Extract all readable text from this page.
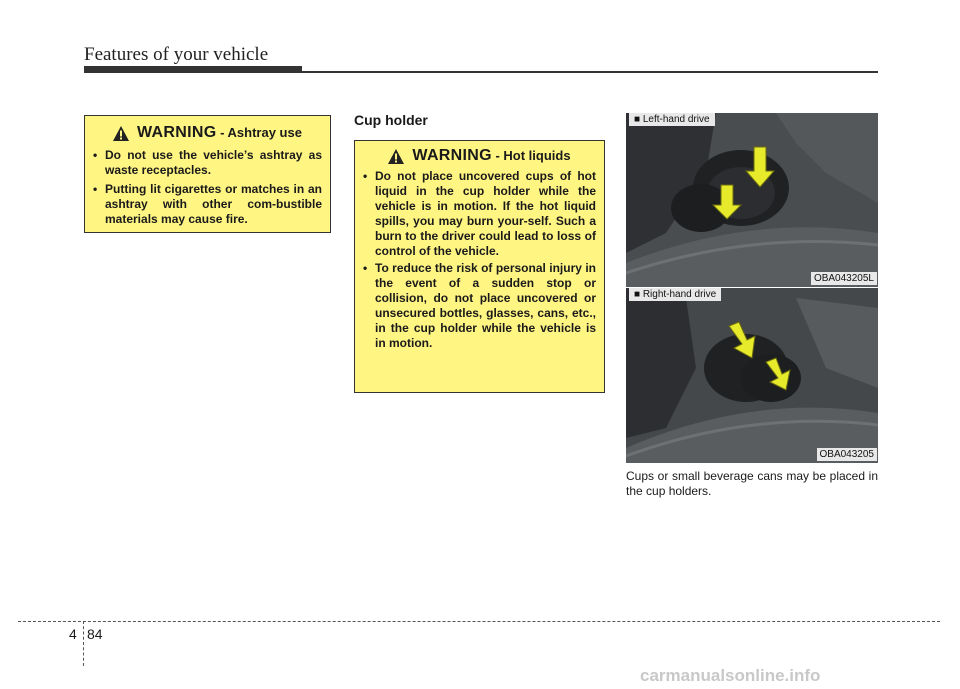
Features of your vehicle
WARNING - Ashtray use
• Do not use the vehicle’s ashtray as waste receptacles.
• Putting lit cigarettes or matches in an ashtray with other com-bustible materials may cause fire.
Cup holder
WARNING - Hot liquids
• Do not place uncovered cups of hot liquid in the cup holder while the vehicle is in motion. If the hot liquid spills, you may burn your-self. Such a burn to the driver could lead to loss of control of the vehicle.
• To reduce the risk of personal injury in the event of a sudden stop or collision, do not place uncovered or unsecured bottles, glasses, cans, etc., in the cup holder while the vehicle is in motion.
■ Left-hand drive
OBA043205L
■ Right-hand drive
OBA043205
Cups or small beverage cans may be placed in the cup holders.
4 84
carmanualsonline.info
